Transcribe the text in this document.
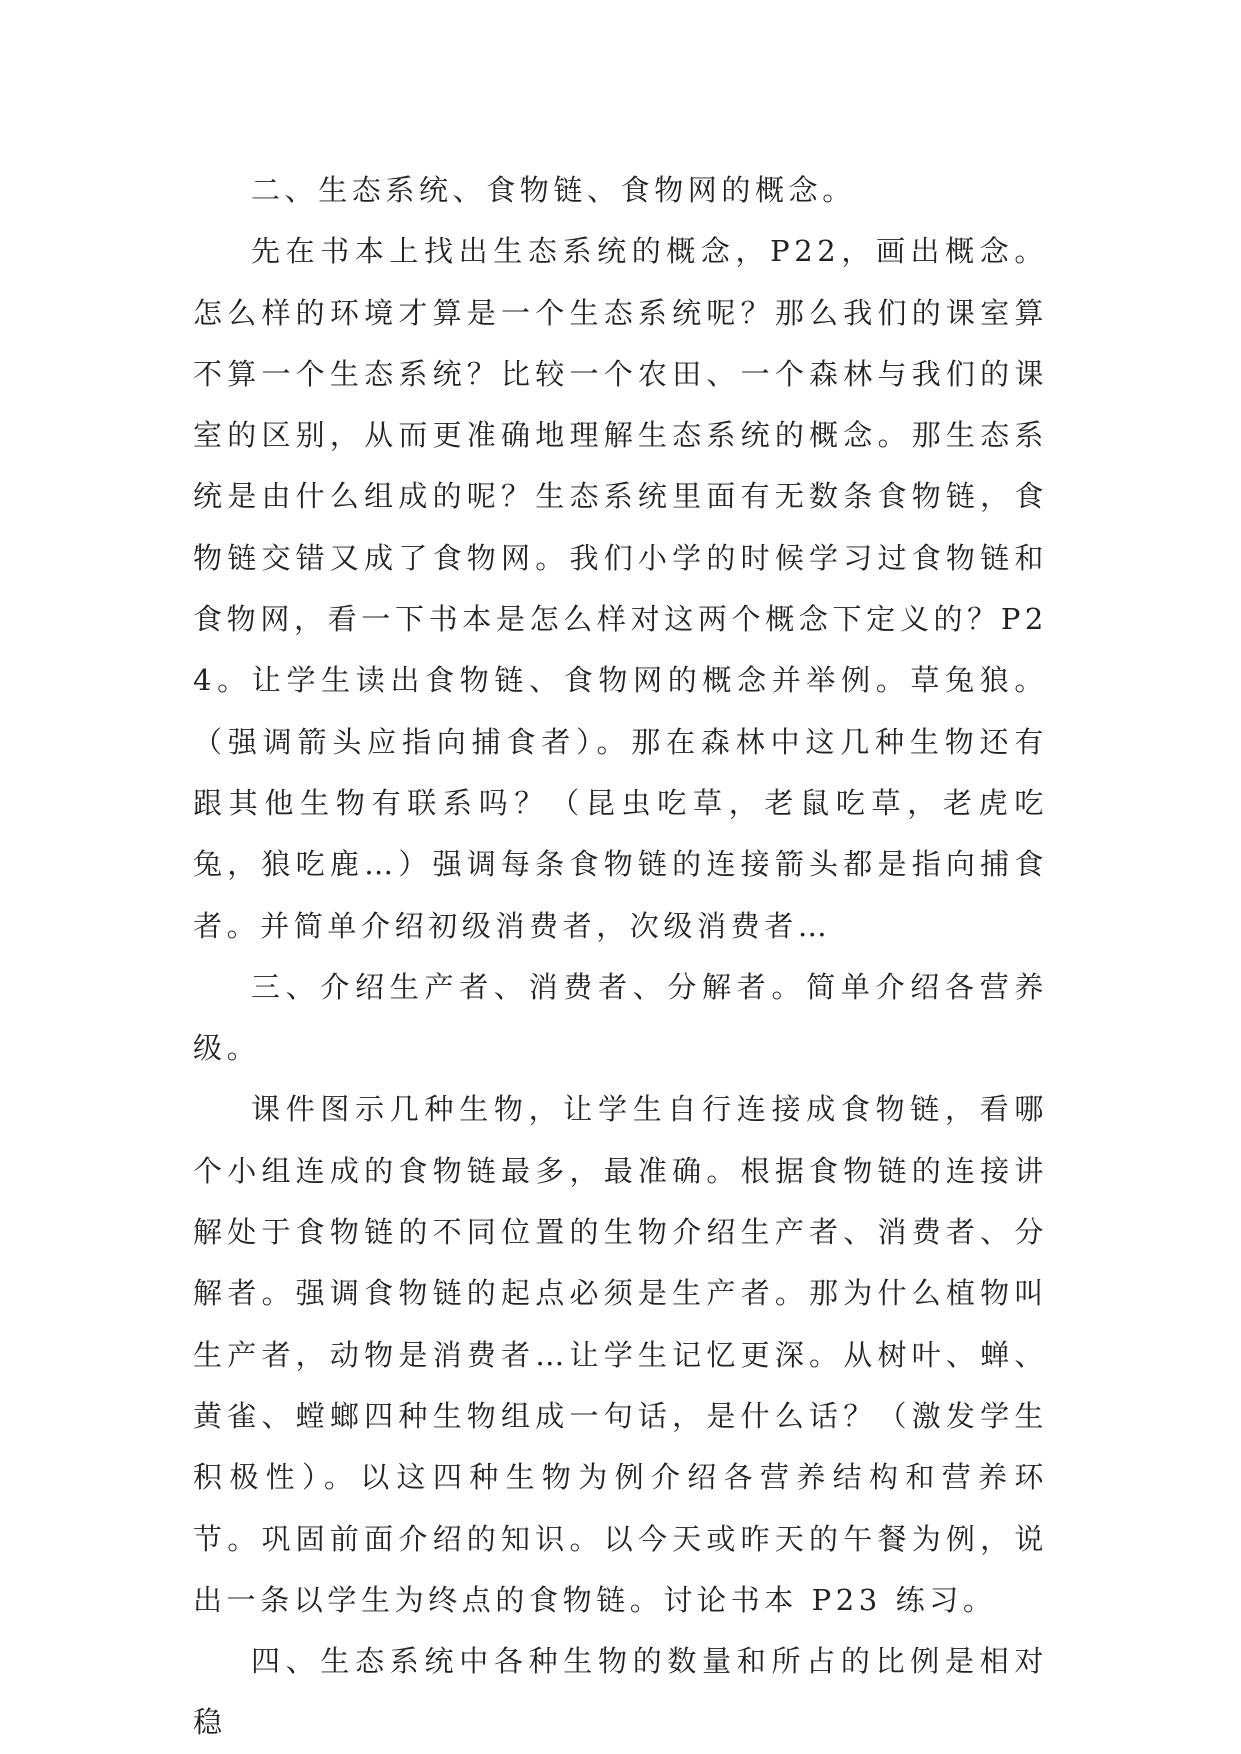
二、生态系统、食物链、食物网的概念。

先在书本上找出生态系统的概念，P22，画出概念。怎么样的环境才算是一个生态系统呢？那么我们的课室算不算一个生态系统？比较一个农田、一个森林与我们的课室的区别，从而更准确地理解生态系统的概念。那生态系统是由什么组成的呢？生态系统里面有无数条食物链，食物链交错又成了食物网。我们小学的时候学习过食物链和食物网，看一下书本是怎么样对这两个概念下定义的？P24。让学生读出食物链、食物网的概念并举例。草兔狼。（强调箭头应指向捕食者）。那在森林中这几种生物还有跟其他生物有联系吗？（昆虫吃草，老鼠吃草，老虎吃兔，狼吃鹿…）强调每条食物链的连接箭头都是指向捕食者。并简单介绍初级消费者，次级消费者…

三、介绍生产者、消费者、分解者。简单介绍各营养级。

课件图示几种生物，让学生自行连接成食物链，看哪个小组连成的食物链最多，最准确。根据食物链的连接讲解处于食物链的不同位置的生物介绍生产者、消费者、分解者。强调食物链的起点必须是生产者。那为什么植物叫生产者，动物是消费者…让学生记忆更深。从树叶、蝉、黄雀、螳螂四种生物组成一句话，是什么话？（激发学生积极性）。以这四种生物为例介绍各营养结构和营养环节。巩固前面介绍的知识。以今天或昨天的午餐为例，说出一条以学生为终点的食物链。讨论书本 P23 练习。

四、生态系统中各种生物的数量和所占的比例是相对稳
